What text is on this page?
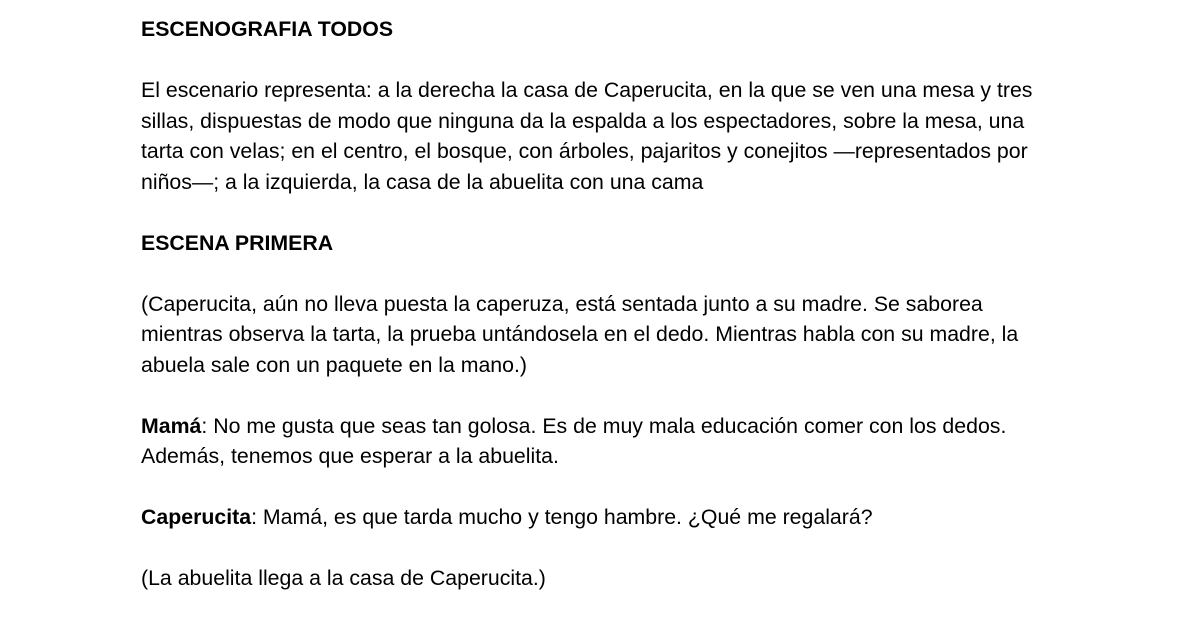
ESCENOGRAFIA TODOS

El escenario representa: a la derecha la casa de Caperucita, en la que se ven una mesa y tres sillas, dispuestas de modo que ninguna da la espalda a los espectadores, sobre la mesa, una tarta con velas; en el centro, el bosque, con árboles, pajaritos y conejitos —representados por niños—; a la izquierda, la casa de la abuelita con una cama

ESCENA PRIMERA

(Caperucita, aún no lleva puesta la caperuza, está sentada junto a su madre. Se saborea mientras observa la tarta, la prueba untándosela en el dedo. Mientras habla con su madre, la abuela sale con un paquete en la mano.)

Mamá: No me gusta que seas tan golosa. Es de muy mala educación comer con los dedos. Además, tenemos que esperar a la abuelita.

Caperucita: Mamá, es que tarda mucho y tengo hambre. ¿Qué me regalará?

(La abuelita llega a la casa de Caperucita.)
